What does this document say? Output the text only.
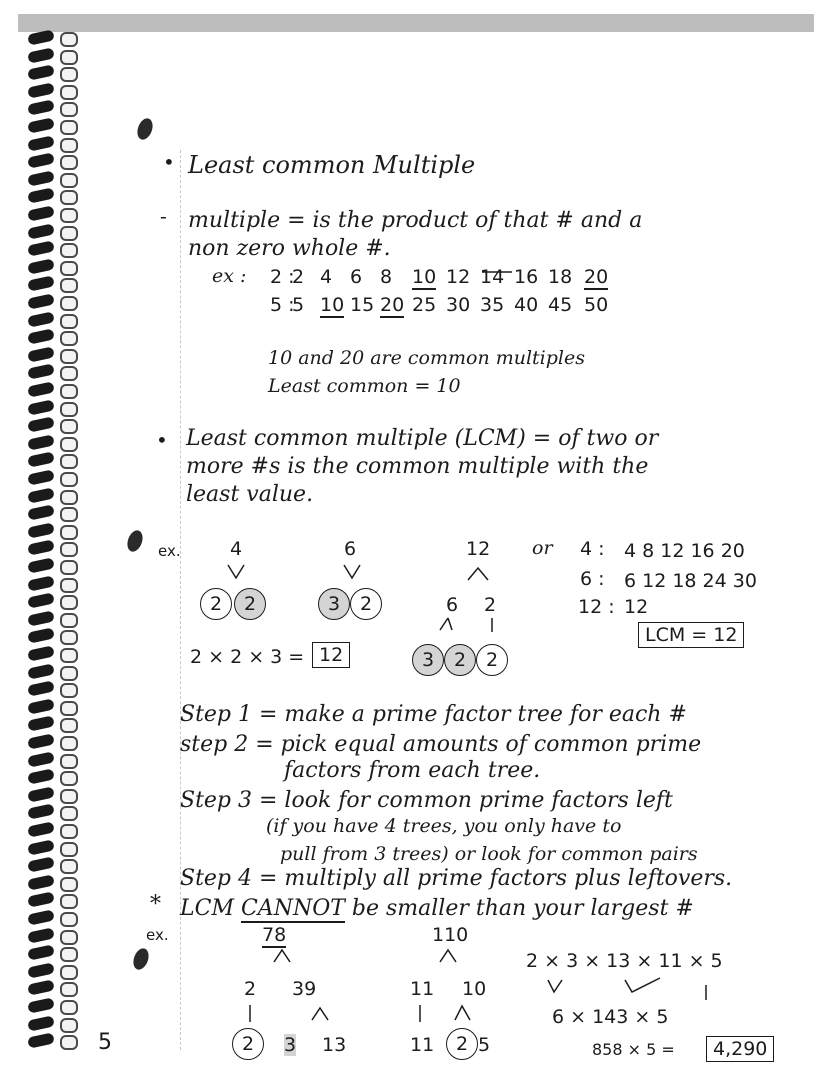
• Least common Multiple
- multiple = is the product of that # and a
non zero whole #.
ex : 2 :
2 4 6 8 10 12 14 16 18 20
5 :
5 10 15 20 25 30 35 40 45 50
10 and 20 are common multiples
Least common = 10
• Least common multiple (LCM) = of two or
more #s is the common multiple with the
least value.
ex.	4
2	2
6
3	2
12
6 2
3	2	2
2 × 2 × 3 = 12
or 4 : 4 8 12 16 20
6 : 6 12 18 24 30
12 : 12
LCM = 12
Step 1 = make a prime factor tree for each #
step 2 = pick equal amounts of common prime
factors from each tree.
Step 3 = look for common prime factors left
(if you have 4 trees, you only have to
pull from 3 trees) or look for common pairs
Step 4 = multiply all prime factors plus leftovers.
* LCM CANNOT be smaller than your largest #
ex.	78
2 39
2	3 13
110
11 10
11	2 5
2 × 3 × 13 × 11 × 5
6 × 143 × 5
858 × 5 =	4,290
5
